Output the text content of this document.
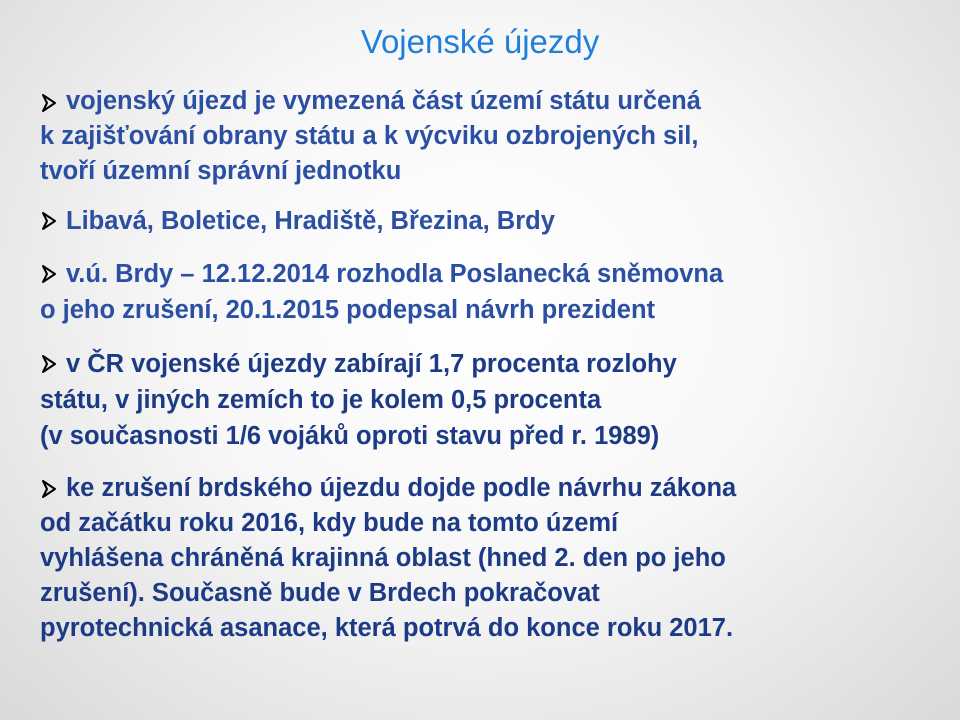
Vojenské újezdy
vojenský újezd je vymezená část území státu určená
k zajišťování obrany státu a k výcviku ozbrojených sil,
tvoří územní správní jednotku
Libavá, Boletice, Hradiště, Březina, Brdy
v.ú. Brdy – 12.12.2014 rozhodla Poslanecká sněmovna
o jeho zrušení, 20.1.2015 podepsal návrh prezident
v ČR vojenské újezdy zabírají 1,7 procenta rozlohy
státu, v jiných zemích to je kolem 0,5 procenta
(v současnosti 1/6 vojáků oproti stavu před r. 1989)
ke zrušení brdského újezdu dojde podle návrhu zákona
od začátku roku 2016, kdy bude na tomto území
vyhlášena chráněná krajinná oblast (hned 2. den po jeho
zrušení). Současně bude v Brdech pokračovat
pyrotechnická asanace, která potrvá do konce roku 2017.
